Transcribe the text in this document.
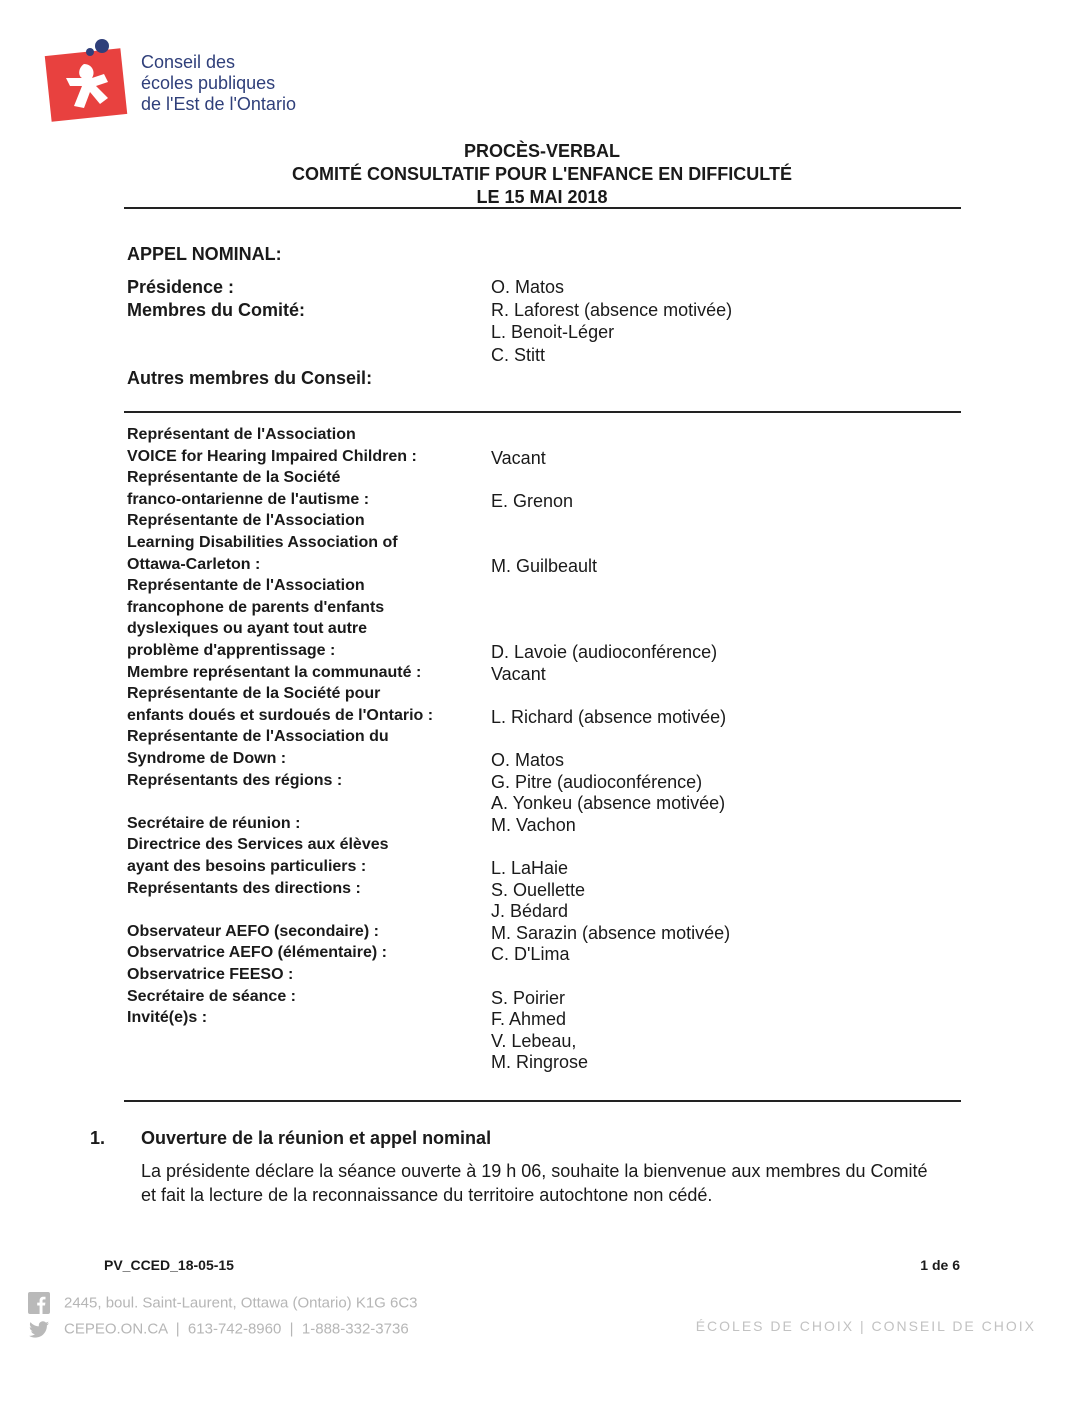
Conseil des
écoles publiques
de l'Est de l'Ontario
PROCÈS-VERBAL
COMITÉ CONSULTATIF POUR L'ENFANCE EN DIFFICULTÉ
LE 15 MAI 2018
APPEL NOMINAL:
Présidence :	O. Matos
Membres du Comité:	R. Laforest (absence motivée)
L. Benoit-Léger
C. Stitt
Autres membres du Conseil:
Représentant de l'Association
VOICE for Hearing Impaired Children :	Vacant
Représentante de la Société
franco-ontarienne de l'autisme :	E. Grenon
Représentante de l'Association
Learning Disabilities Association of
Ottawa-Carleton :	M. Guilbeault
Représentante de l'Association
francophone de parents d'enfants
dyslexiques ou ayant tout autre
problème d'apprentissage :	D. Lavoie (audioconférence)
Membre représentant la communauté :	Vacant
Représentante de la Société pour
enfants doués et surdoués de l'Ontario :	L. Richard (absence motivée)
Représentante de l'Association du
Syndrome de Down :	O. Matos
Représentants des régions :	G. Pitre (audioconférence)
A. Yonkeu (absence motivée)
Secrétaire de réunion :	M. Vachon
Directrice des Services aux élèves
ayant des besoins particuliers :	L. LaHaie
Représentants des directions :	S. Ouellette
J. Bédard
Observateur AEFO (secondaire) :	M. Sarazin (absence motivée)
Observatrice AEFO (élémentaire) :	C. D'Lima
Observatrice FEESO :
Secrétaire de séance :	S. Poirier
Invité(e)s :	F. Ahmed
V. Lebeau,
M. Ringrose
1. Ouverture de la réunion et appel nominal
La présidente déclare la séance ouverte à 19 h 06, souhaite la bienvenue aux membres du Comité et fait la lecture de la reconnaissance du territoire autochtone non cédé.
PV_CCED_18-05-15	1 de 6
2445, boul. Saint-Laurent, Ottawa (Ontario) K1G 6C3
CEPEO.ON.CA  |  613-742-8960  |  1-888-332-3736	ÉCOLES DE CHOIX | CONSEIL DE CHOIX
